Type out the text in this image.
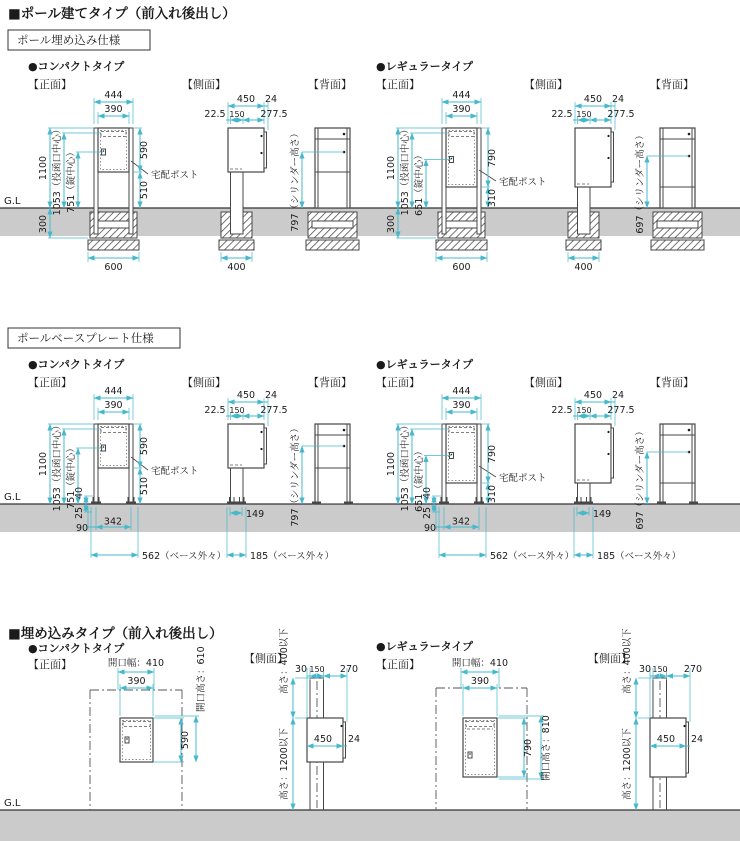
■ポール建てタイプ（前入れ後出し）
ポール埋め込み仕様
●コンパクトタイプ
【正面】	【側面】	【背面】
●レギュラータイプ
【正面】	【側面】	【背面】
G.L
宅配ポスト
444
390
1100 1053（投函口中心） 751（錠中心）	590
510
300
600
450 24
22.5 150 277.5
400
797（シリンダー高さ）	宅配ポスト
444
390
1100 1053（投函口中心） 651（錠中心）	790
310
300
600
450 24
22.5 150 277.5
400
697（シリンダー高さ）
ポールベースプレート仕様
●コンパクトタイプ
【正面】	【側面】	【背面】
●レギュラータイプ
【正面】	【側面】	【背面】
G.L
宅配ポスト
444
390
1100 1053（投函口中心） 751（錠中心）	590
510
40
25
90
342
562（ベース外々）
450 24
22.5 150 277.5
149
185（ベース外々）
797（シリンダー高さ）	宅配ポスト
444
390
1100 1053（投函口中心） 651（錠中心）	790
310
40
25
90
342
562（ベース外々）
450 24
22.5 150 277.5
149
185（ベース外々）
697（シリンダー高さ）
■埋め込みタイプ（前入れ後出し）
●コンパクトタイプ
【正面】	【側面】
●レギュラータイプ
【正面】	【側面】
G.L
開口幅：410
390
590
開口高さ：610	30 150 270
450 24
高さ：400以下
高さ：1200以下
開口幅：410
390
790 開口高さ：810
30 150 270
450 24
高さ：400以下
高さ：1200以下
